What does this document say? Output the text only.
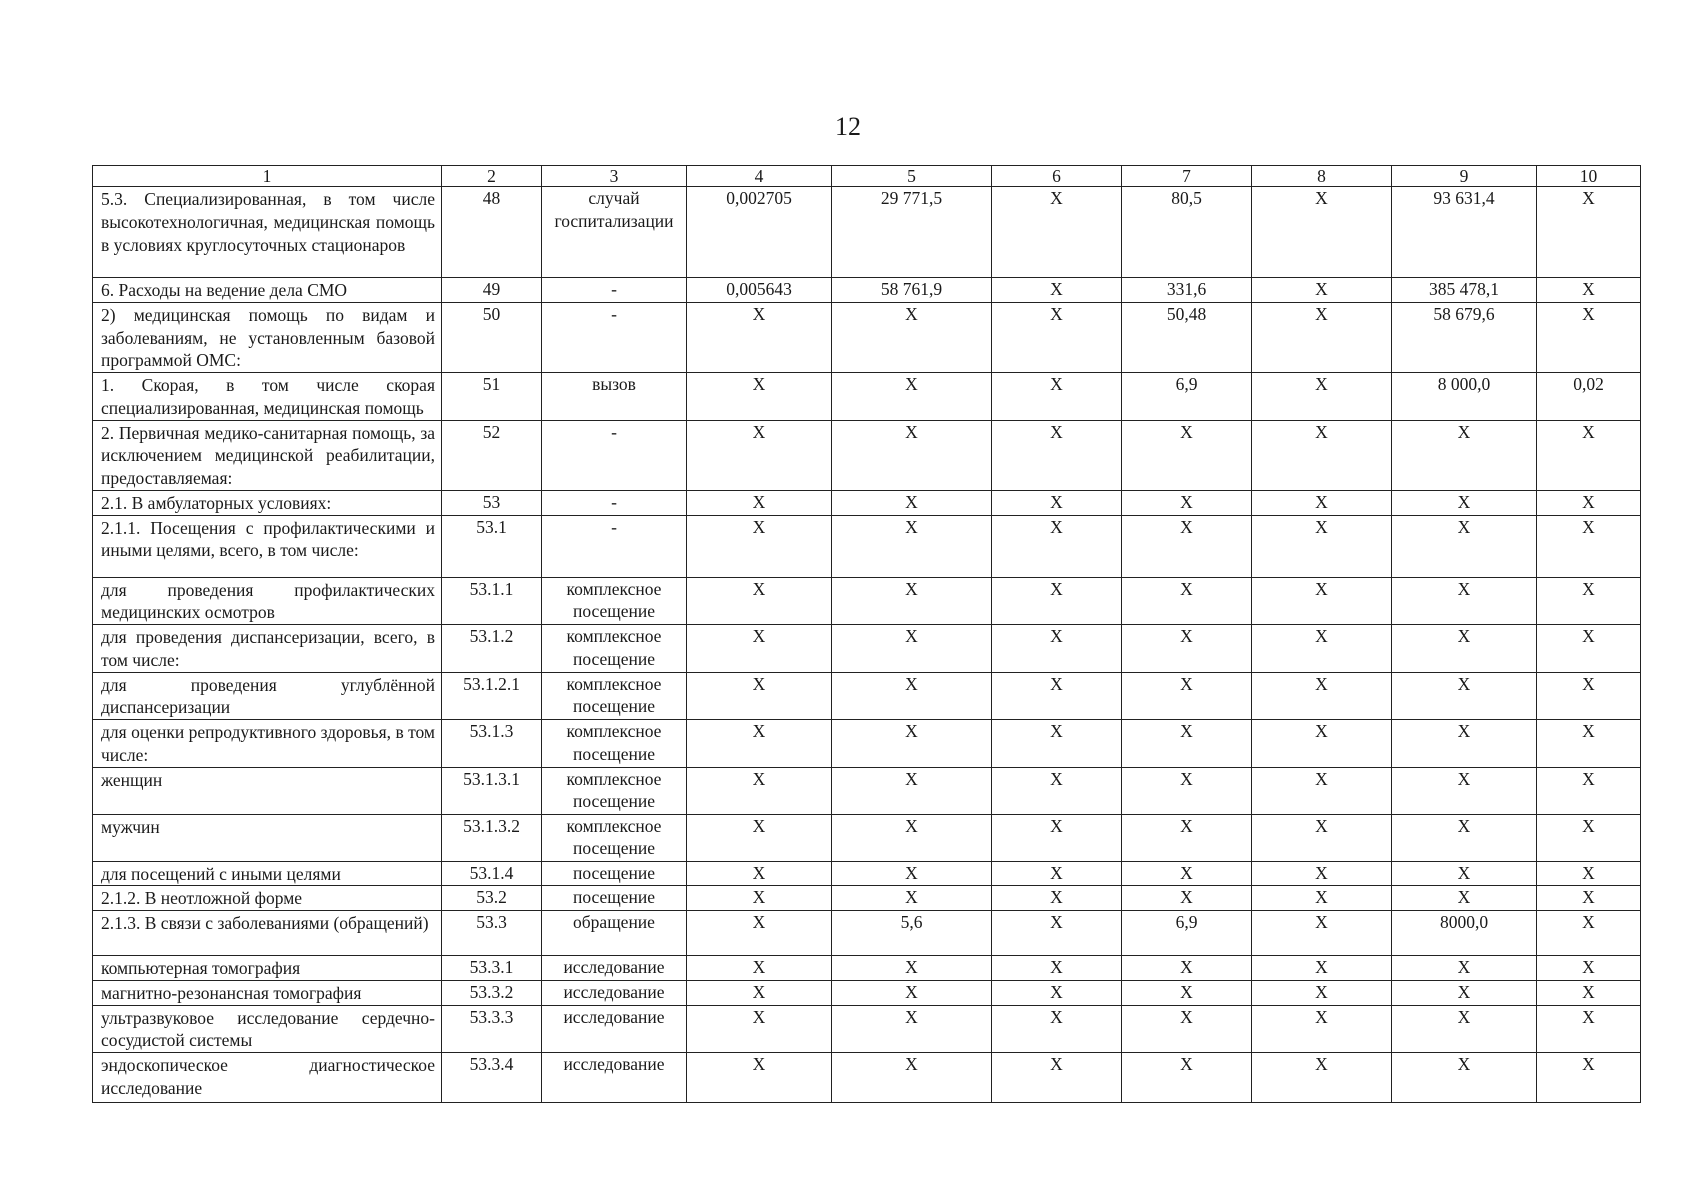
12
1	2	3	4	5	6	7	8	9	10
5.3. Специализированная, в том числе высокотехнологичная, медицинская помощь в условиях круглосуточных стационаров	48	случай госпитализации	0,002705	29 771,5	X	80,5	X	93 631,4	X
6. Расходы на ведение дела СМО	49	-	0,005643	58 761,9	X	331,6	X	385 478,1	X
2) медицинская помощь по видам и заболеваниям, не установленным базовой программой ОМС:	50	-	X	X	X	50,48	X	58 679,6	X
1. Скорая, в том числе скорая специализированная, медицинская помощь	51	вызов	X	X	X	6,9	X	8 000,0	0,02
2. Первичная медико-санитарная помощь, за исключением медицинской реабилитации, предоставляемая:	52	-	X	X	X	X	X	X	X
2.1. В амбулаторных условиях:	53	-	X	X	X	X	X	X	X
2.1.1. Посещения с профилактическими и иными целями, всего, в том числе:	53.1	-	X	X	X	X	X	X	X
для проведения профилактических медицинских осмотров	53.1.1	комплексное посещение	X	X	X	X	X	X	X
для проведения диспансеризации, всего, в том числе:	53.1.2	комплексное посещение	X	X	X	X	X	X	X
для проведения углублённой диспансеризации	53.1.2.1	комплексное посещение	X	X	X	X	X	X	X
для оценки репродуктивного здоровья, в том числе:	53.1.3	комплексное посещение	X	X	X	X	X	X	X
женщин	53.1.3.1	комплексное посещение	X	X	X	X	X	X	X
мужчин	53.1.3.2	комплексное посещение	X	X	X	X	X	X	X
для посещений с иными целями	53.1.4	посещение	X	X	X	X	X	X	X
2.1.2. В неотложной форме	53.2	посещение	X	X	X	X	X	X	X
2.1.3. В связи с заболеваниями (обращений)	53.3	обращение	X	5,6	X	6,9	X	8000,0	X
компьютерная томография	53.3.1	исследование	X	X	X	X	X	X	X
магнитно-резонансная томография	53.3.2	исследование	X	X	X	X	X	X	X
ультразвуковое исследование сердечно-сосудистой системы	53.3.3	исследование	X	X	X	X	X	X	X
эндоскопическое диагностическое исследование	53.3.4	исследование	X	X	X	X	X	X	X
